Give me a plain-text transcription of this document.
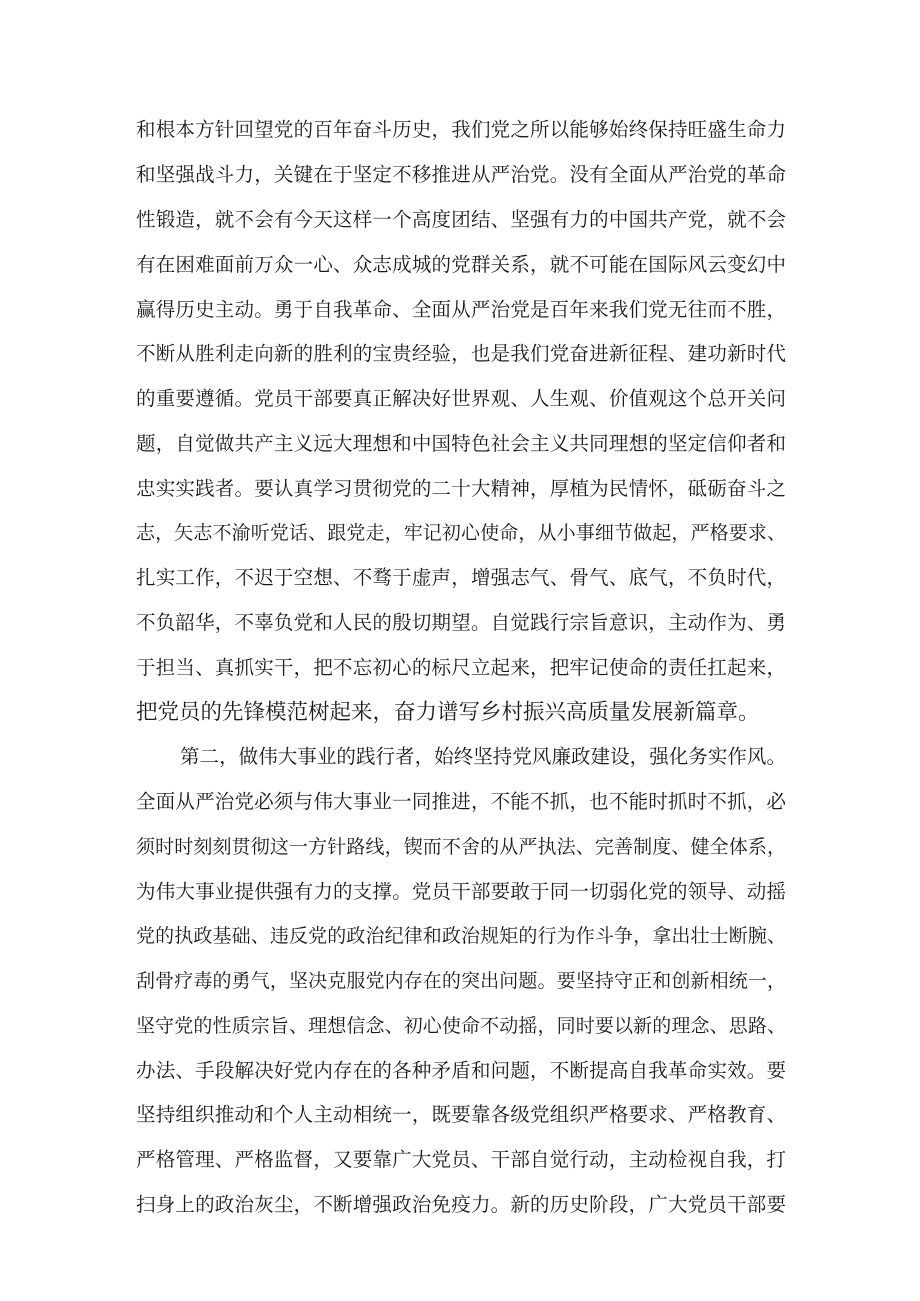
和根本方针回望党的百年奋斗历史，我们党之所以能够始终保持旺盛生命力
和坚强战斗力，关键在于坚定不移推进从严治党。没有全面从严治党的革命
性锻造，就不会有今天这样一个高度团结、坚强有力的中国共产党，就不会
有在困难面前万众一心、众志成城的党群关系，就不可能在国际风云变幻中
赢得历史主动。勇于自我革命、全面从严治党是百年来我们党无往而不胜，
不断从胜利走向新的胜利的宝贵经验，也是我们党奋进新征程、建功新时代
的重要遵循。党员干部要真正解决好世界观、人生观、价值观这个总开关问
题，自觉做共产主义远大理想和中国特色社会主义共同理想的坚定信仰者和
忠实实践者。要认真学习贯彻党的二十大精神，厚植为民情怀，砥砺奋斗之
志，矢志不渝听党话、跟党走，牢记初心使命，从小事细节做起，严格要求、
扎实工作，不迟于空想、不骛于虚声，增强志气、骨气、底气，不负时代，
不负韶华，不辜负党和人民的殷切期望。自觉践行宗旨意识，主动作为、勇
于担当、真抓实干，把不忘初心的标尺立起来，把牢记使命的责任扛起来，
把党员的先锋模范树起来，奋力谱写乡村振兴高质量发展新篇章。
第二，做伟大事业的践行者，始终坚持党风廉政建设，强化务实作风。
全面从严治党必须与伟大事业一同推进，不能不抓，也不能时抓时不抓，必
须时时刻刻贯彻这一方针路线，锲而不舍的从严执法、完善制度、健全体系，
为伟大事业提供强有力的支撑。党员干部要敢于同一切弱化党的领导、动摇
党的执政基础、违反党的政治纪律和政治规矩的行为作斗争，拿出壮士断腕、
刮骨疗毒的勇气，坚决克服党内存在的突出问题。要坚持守正和创新相统一，
坚守党的性质宗旨、理想信念、初心使命不动摇，同时要以新的理念、思路、
办法、手段解决好党内存在的各种矛盾和问题，不断提高自我革命实效。要
坚持组织推动和个人主动相统一，既要靠各级党组织严格要求、严格教育、
严格管理、严格监督，又要靠广大党员、干部自觉行动，主动检视自我，打
扫身上的政治灰尘，不断增强政治免疫力。新的历史阶段，广大党员干部要
